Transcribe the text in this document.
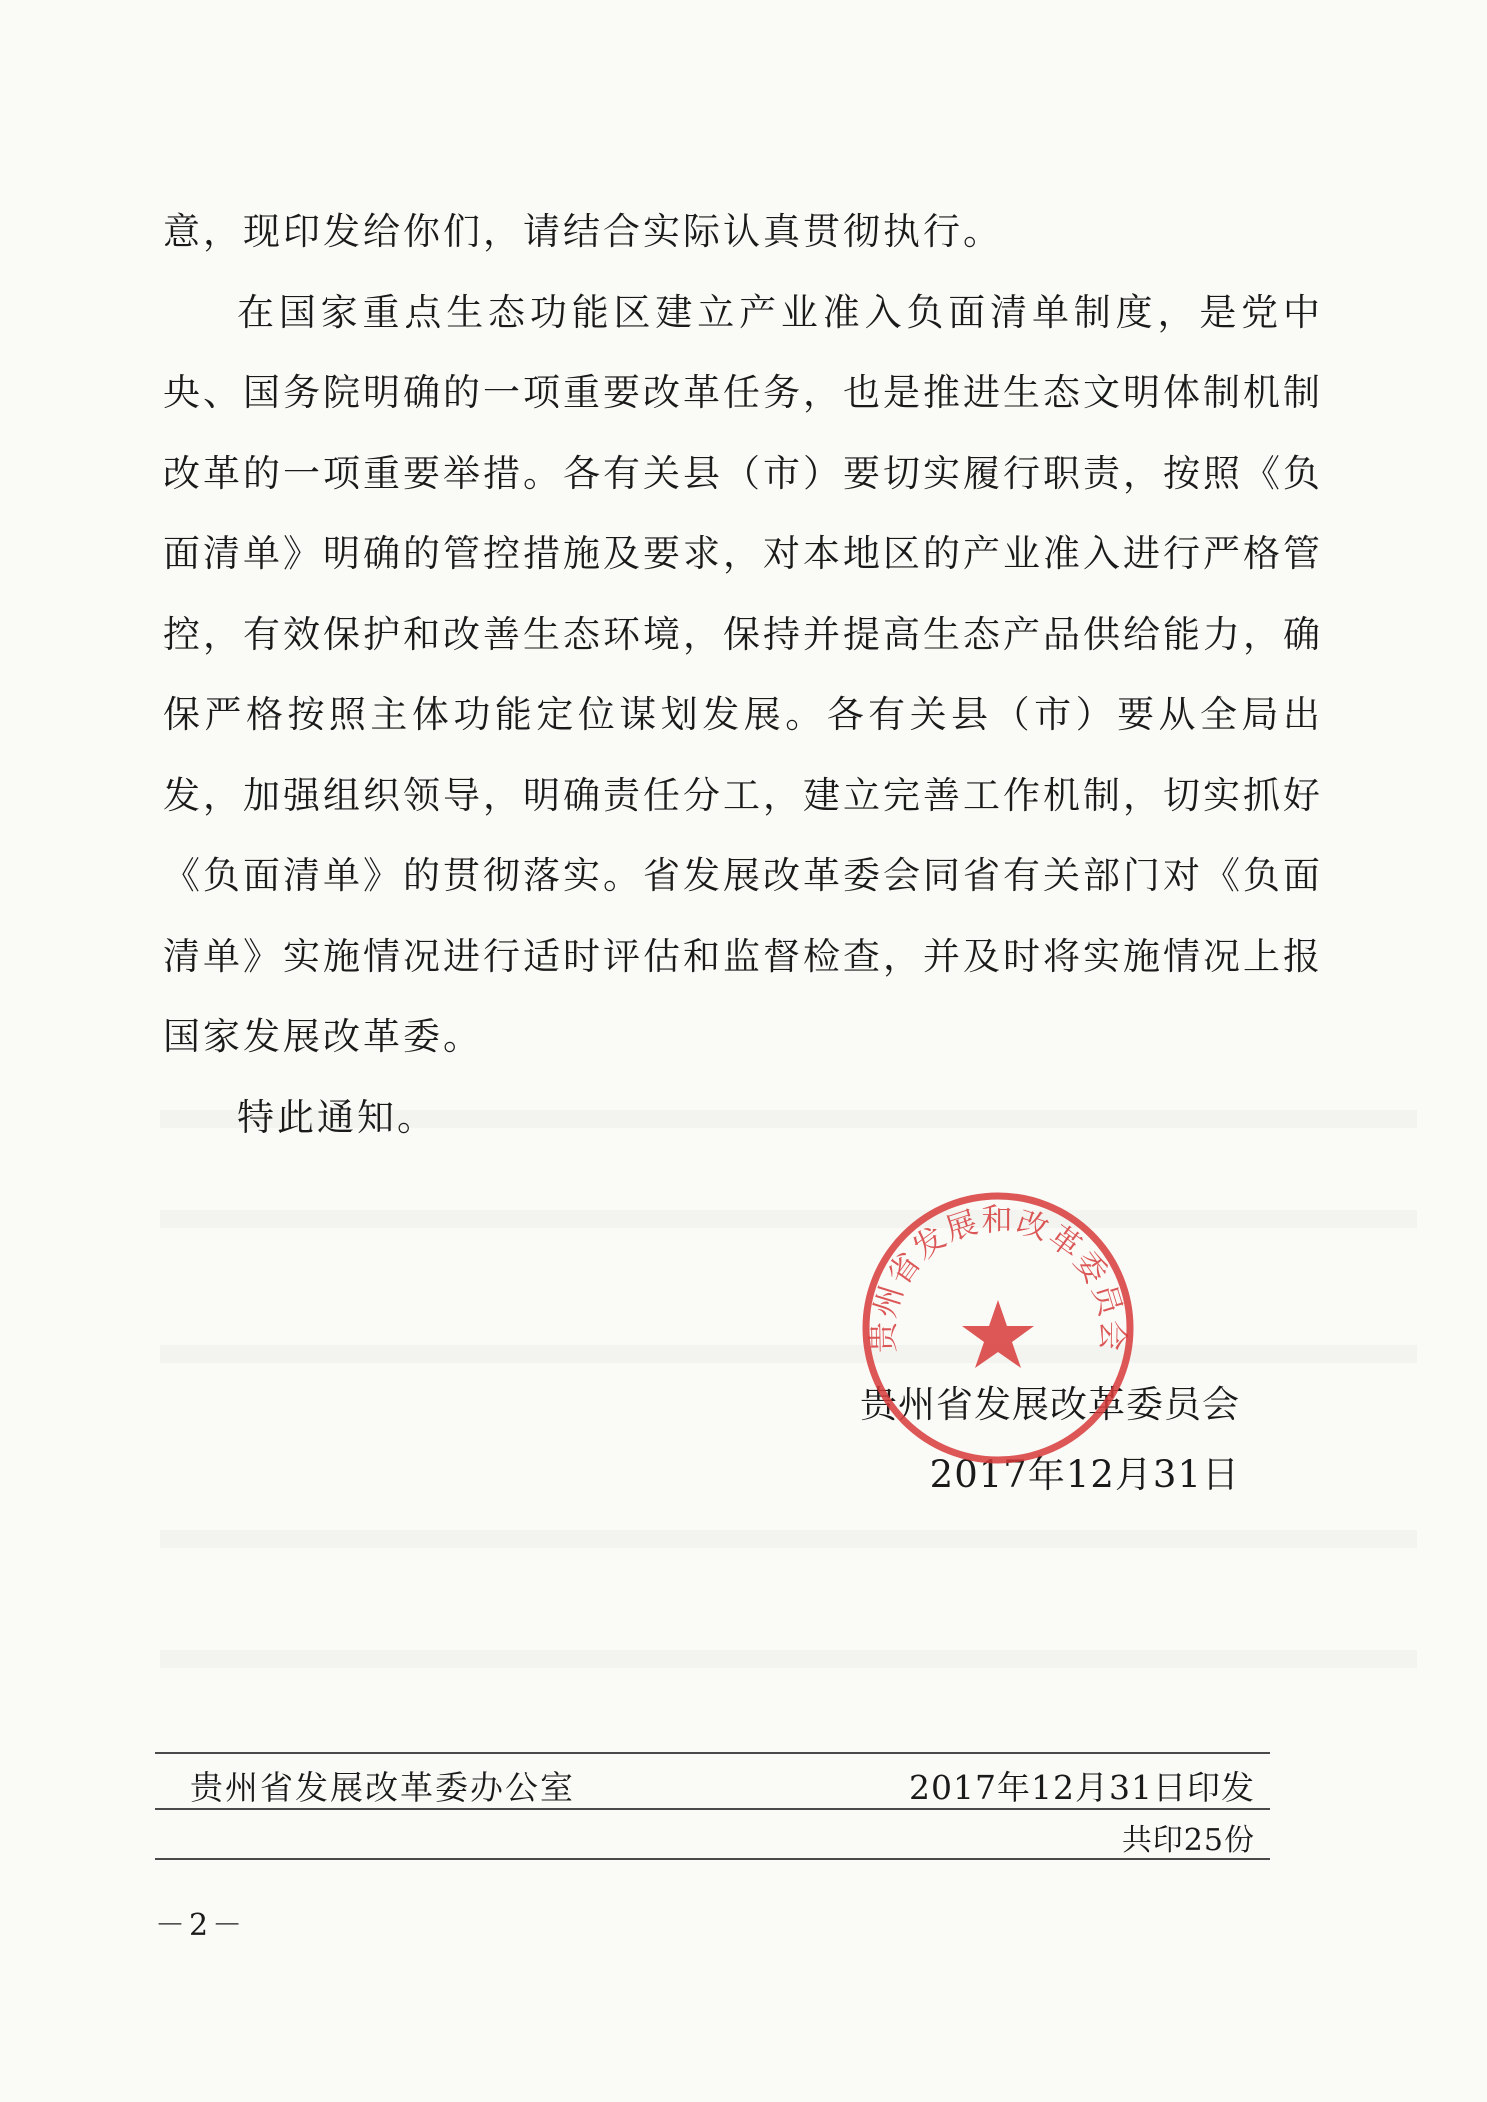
意，现印发给你们，请结合实际认真贯彻执行。

在国家重点生态功能区建立产业准入负面清单制度，是党中央、国务院明确的一项重要改革任务，也是推进生态文明体制机制改革的一项重要举措。各有关县（市）要切实履行职责，按照《负面清单》明确的管控措施及要求，对本地区的产业准入进行严格管控，有效保护和改善生态环境，保持并提高生态产品供给能力，确保严格按照主体功能定位谋划发展。各有关县（市）要从全局出发，加强组织领导，明确责任分工，建立完善工作机制，切实抓好《负面清单》的贯彻落实。省发展改革委会同省有关部门对《负面清单》实施情况进行适时评估和监督检查，并及时将实施情况上报国家发展改革委。

特此通知。

贵州省发展改革委员会
2017年12月31日
贵州省发展和改革委员会
贵州省发展改革委办公室	2017年12月31日印发
共印25份
－2－
